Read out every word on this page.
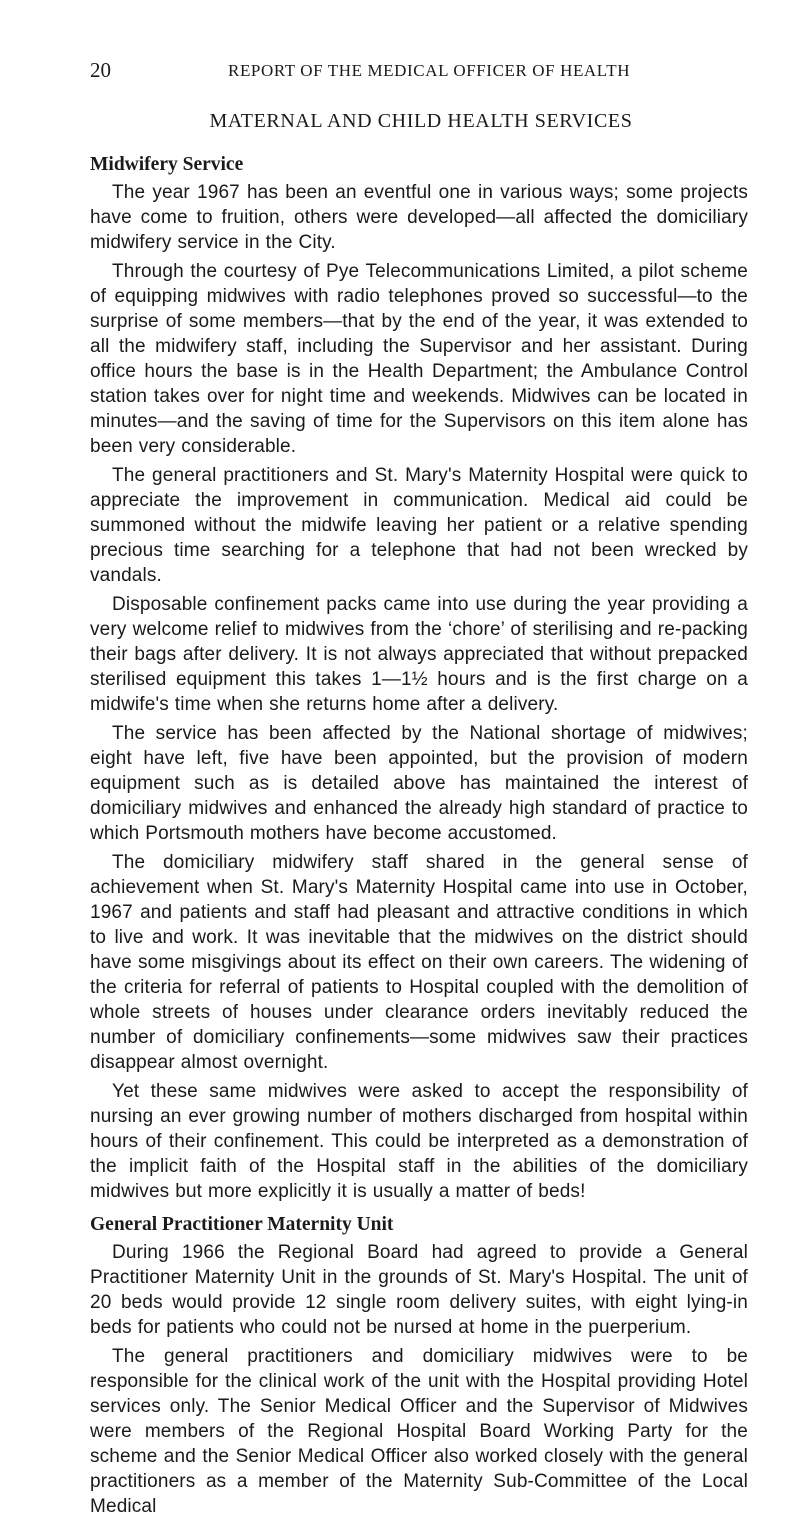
20	REPORT OF THE MEDICAL OFFICER OF HEALTH
MATERNAL AND CHILD HEALTH SERVICES
Midwifery Service

The year 1967 has been an eventful one in various ways; some projects have come to fruition, others were developed—all affected the domiciliary midwifery service in the City.

Through the courtesy of Pye Telecommunications Limited, a pilot scheme of equipping midwives with radio telephones proved so successful—to the surprise of some members—that by the end of the year, it was extended to all the midwifery staff, including the Supervisor and her assistant. During office hours the base is in the Health Department; the Ambulance Control station takes over for night time and weekends. Midwives can be located in minutes—and the saving of time for the Supervisors on this item alone has been very considerable.

The general practitioners and St. Mary's Maternity Hospital were quick to appreciate the improvement in communication. Medical aid could be summoned without the midwife leaving her patient or a relative spending precious time searching for a telephone that had not been wrecked by vandals.

Disposable confinement packs came into use during the year providing a very welcome relief to midwives from the ‘chore’ of sterilising and re-packing their bags after delivery. It is not always appreciated that without prepacked sterilised equipment this takes 1—1½ hours and is the first charge on a midwife's time when she returns home after a delivery.

The service has been affected by the National shortage of midwives; eight have left, five have been appointed, but the provision of modern equipment such as is detailed above has maintained the interest of domiciliary midwives and enhanced the already high standard of practice to which Portsmouth mothers have become accustomed.

The domiciliary midwifery staff shared in the general sense of achievement when St. Mary's Maternity Hospital came into use in October, 1967 and patients and staff had pleasant and attractive conditions in which to live and work. It was inevitable that the midwives on the district should have some misgivings about its effect on their own careers. The widening of the criteria for referral of patients to Hospital coupled with the demolition of whole streets of houses under clearance orders inevitably reduced the number of domiciliary confinements—some midwives saw their practices disappear almost overnight.

Yet these same midwives were asked to accept the responsibility of nursing an ever growing number of mothers discharged from hospital within hours of their confinement. This could be interpreted as a demonstration of the implicit faith of the Hospital staff in the abilities of the domiciliary midwives but more explicitly it is usually a matter of beds!

General Practitioner Maternity Unit

During 1966 the Regional Board had agreed to provide a General Practitioner Maternity Unit in the grounds of St. Mary's Hospital. The unit of 20 beds would provide 12 single room delivery suites, with eight lying-in beds for patients who could not be nursed at home in the puerperium.

The general practitioners and domiciliary midwives were to be responsible for the clinical work of the unit with the Hospital providing Hotel services only. The Senior Medical Officer and the Supervisor of Midwives were members of the Regional Hospital Board Working Party for the scheme and the Senior Medical Officer also worked closely with the general practitioners as a member of the Maternity Sub-Committee of the Local Medical
